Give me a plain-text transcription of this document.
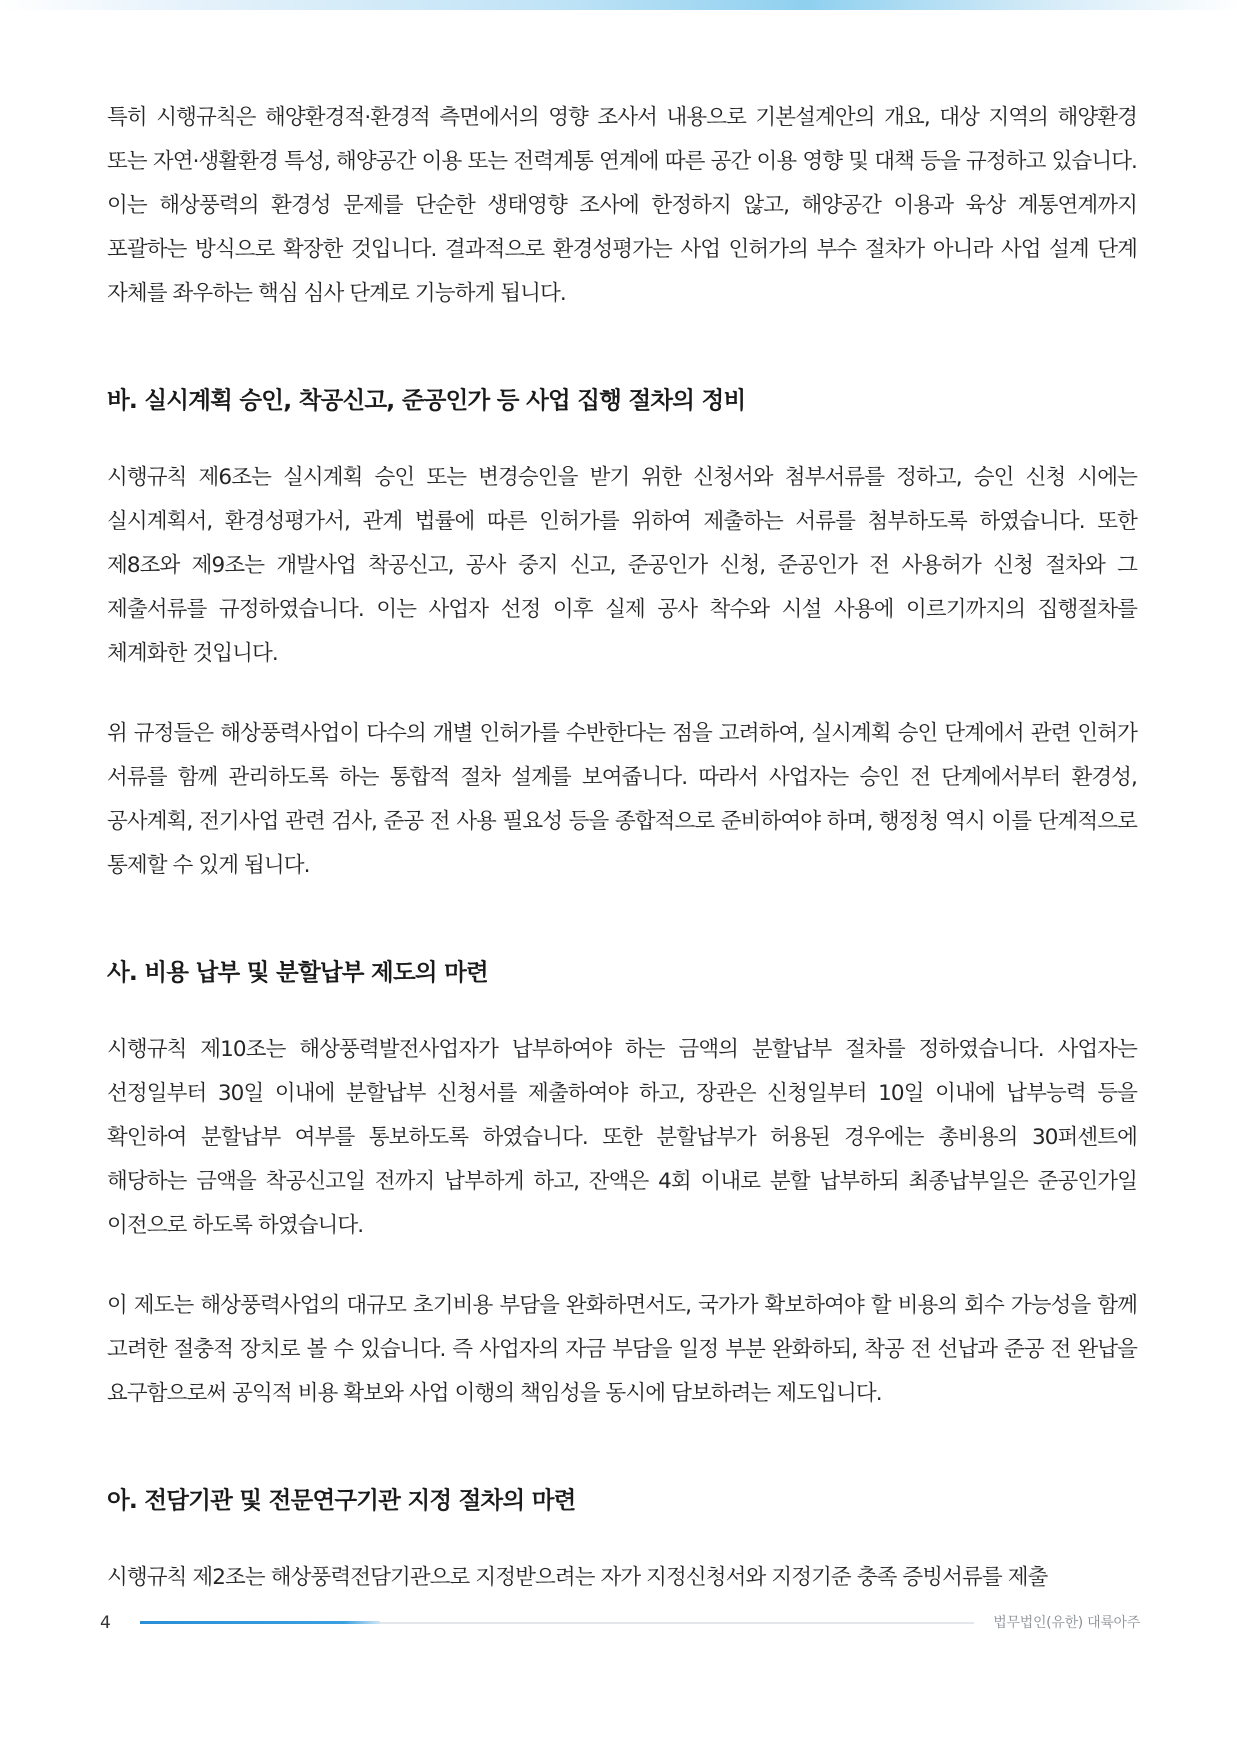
특히 시행규칙은 해양환경적·환경적 측면에서의 영향 조사서 내용으로 기본설계안의 개요, 대상 지역의 해양환경 또는 자연·생활환경 특성, 해양공간 이용 또는 전력계통 연계에 따른 공간 이용 영향 및 대책 등을 규정하고 있습니다. 이는 해상풍력의 환경성 문제를 단순한 생태영향 조사에 한정하지 않고, 해양공간 이용과 육상 계통연계까지 포괄하는 방식으로 확장한 것입니다. 결과적으로 환경성평가는 사업 인허가의 부수 절차가 아니라 사업 설계 단계 자체를 좌우하는 핵심 심사 단계로 기능하게 됩니다.

바. 실시계획 승인, 착공신고, 준공인가 등 사업 집행 절차의 정비

시행규칙 제6조는 실시계획 승인 또는 변경승인을 받기 위한 신청서와 첨부서류를 정하고, 승인 신청 시에는 실시계획서, 환경성평가서, 관계 법률에 따른 인허가를 위하여 제출하는 서류를 첨부하도록 하였습니다. 또한 제8조와 제9조는 개발사업 착공신고, 공사 중지 신고, 준공인가 신청, 준공인가 전 사용허가 신청 절차와 그 제출서류를 규정하였습니다. 이는 사업자 선정 이후 실제 공사 착수와 시설 사용에 이르기까지의 집행절차를 체계화한 것입니다.

위 규정들은 해상풍력사업이 다수의 개별 인허가를 수반한다는 점을 고려하여, 실시계획 승인 단계에서 관련 인허가 서류를 함께 관리하도록 하는 통합적 절차 설계를 보여줍니다. 따라서 사업자는 승인 전 단계에서부터 환경성, 공사계획, 전기사업 관련 검사, 준공 전 사용 필요성 등을 종합적으로 준비하여야 하며, 행정청 역시 이를 단계적으로 통제할 수 있게 됩니다.

사. 비용 납부 및 분할납부 제도의 마련

시행규칙 제10조는 해상풍력발전사업자가 납부하여야 하는 금액의 분할납부 절차를 정하였습니다. 사업자는 선정일부터 30일 이내에 분할납부 신청서를 제출하여야 하고, 장관은 신청일부터 10일 이내에 납부능력 등을 확인하여 분할납부 여부를 통보하도록 하였습니다. 또한 분할납부가 허용된 경우에는 총비용의 30퍼센트에 해당하는 금액을 착공신고일 전까지 납부하게 하고, 잔액은 4회 이내로 분할 납부하되 최종납부일은 준공인가일 이전으로 하도록 하였습니다.

이 제도는 해상풍력사업의 대규모 초기비용 부담을 완화하면서도, 국가가 확보하여야 할 비용의 회수 가능성을 함께 고려한 절충적 장치로 볼 수 있습니다. 즉 사업자의 자금 부담을 일정 부분 완화하되, 착공 전 선납과 준공 전 완납을 요구함으로써 공익적 비용 확보와 사업 이행의 책임성을 동시에 담보하려는 제도입니다.

아. 전담기관 및 전문연구기관 지정 절차의 마련

시행규칙 제2조는 해상풍력전담기관으로 지정받으려는 자가 지정신청서와 지정기준 충족 증빙서류를 제출

4	법무법인(유한) 대륙아주
